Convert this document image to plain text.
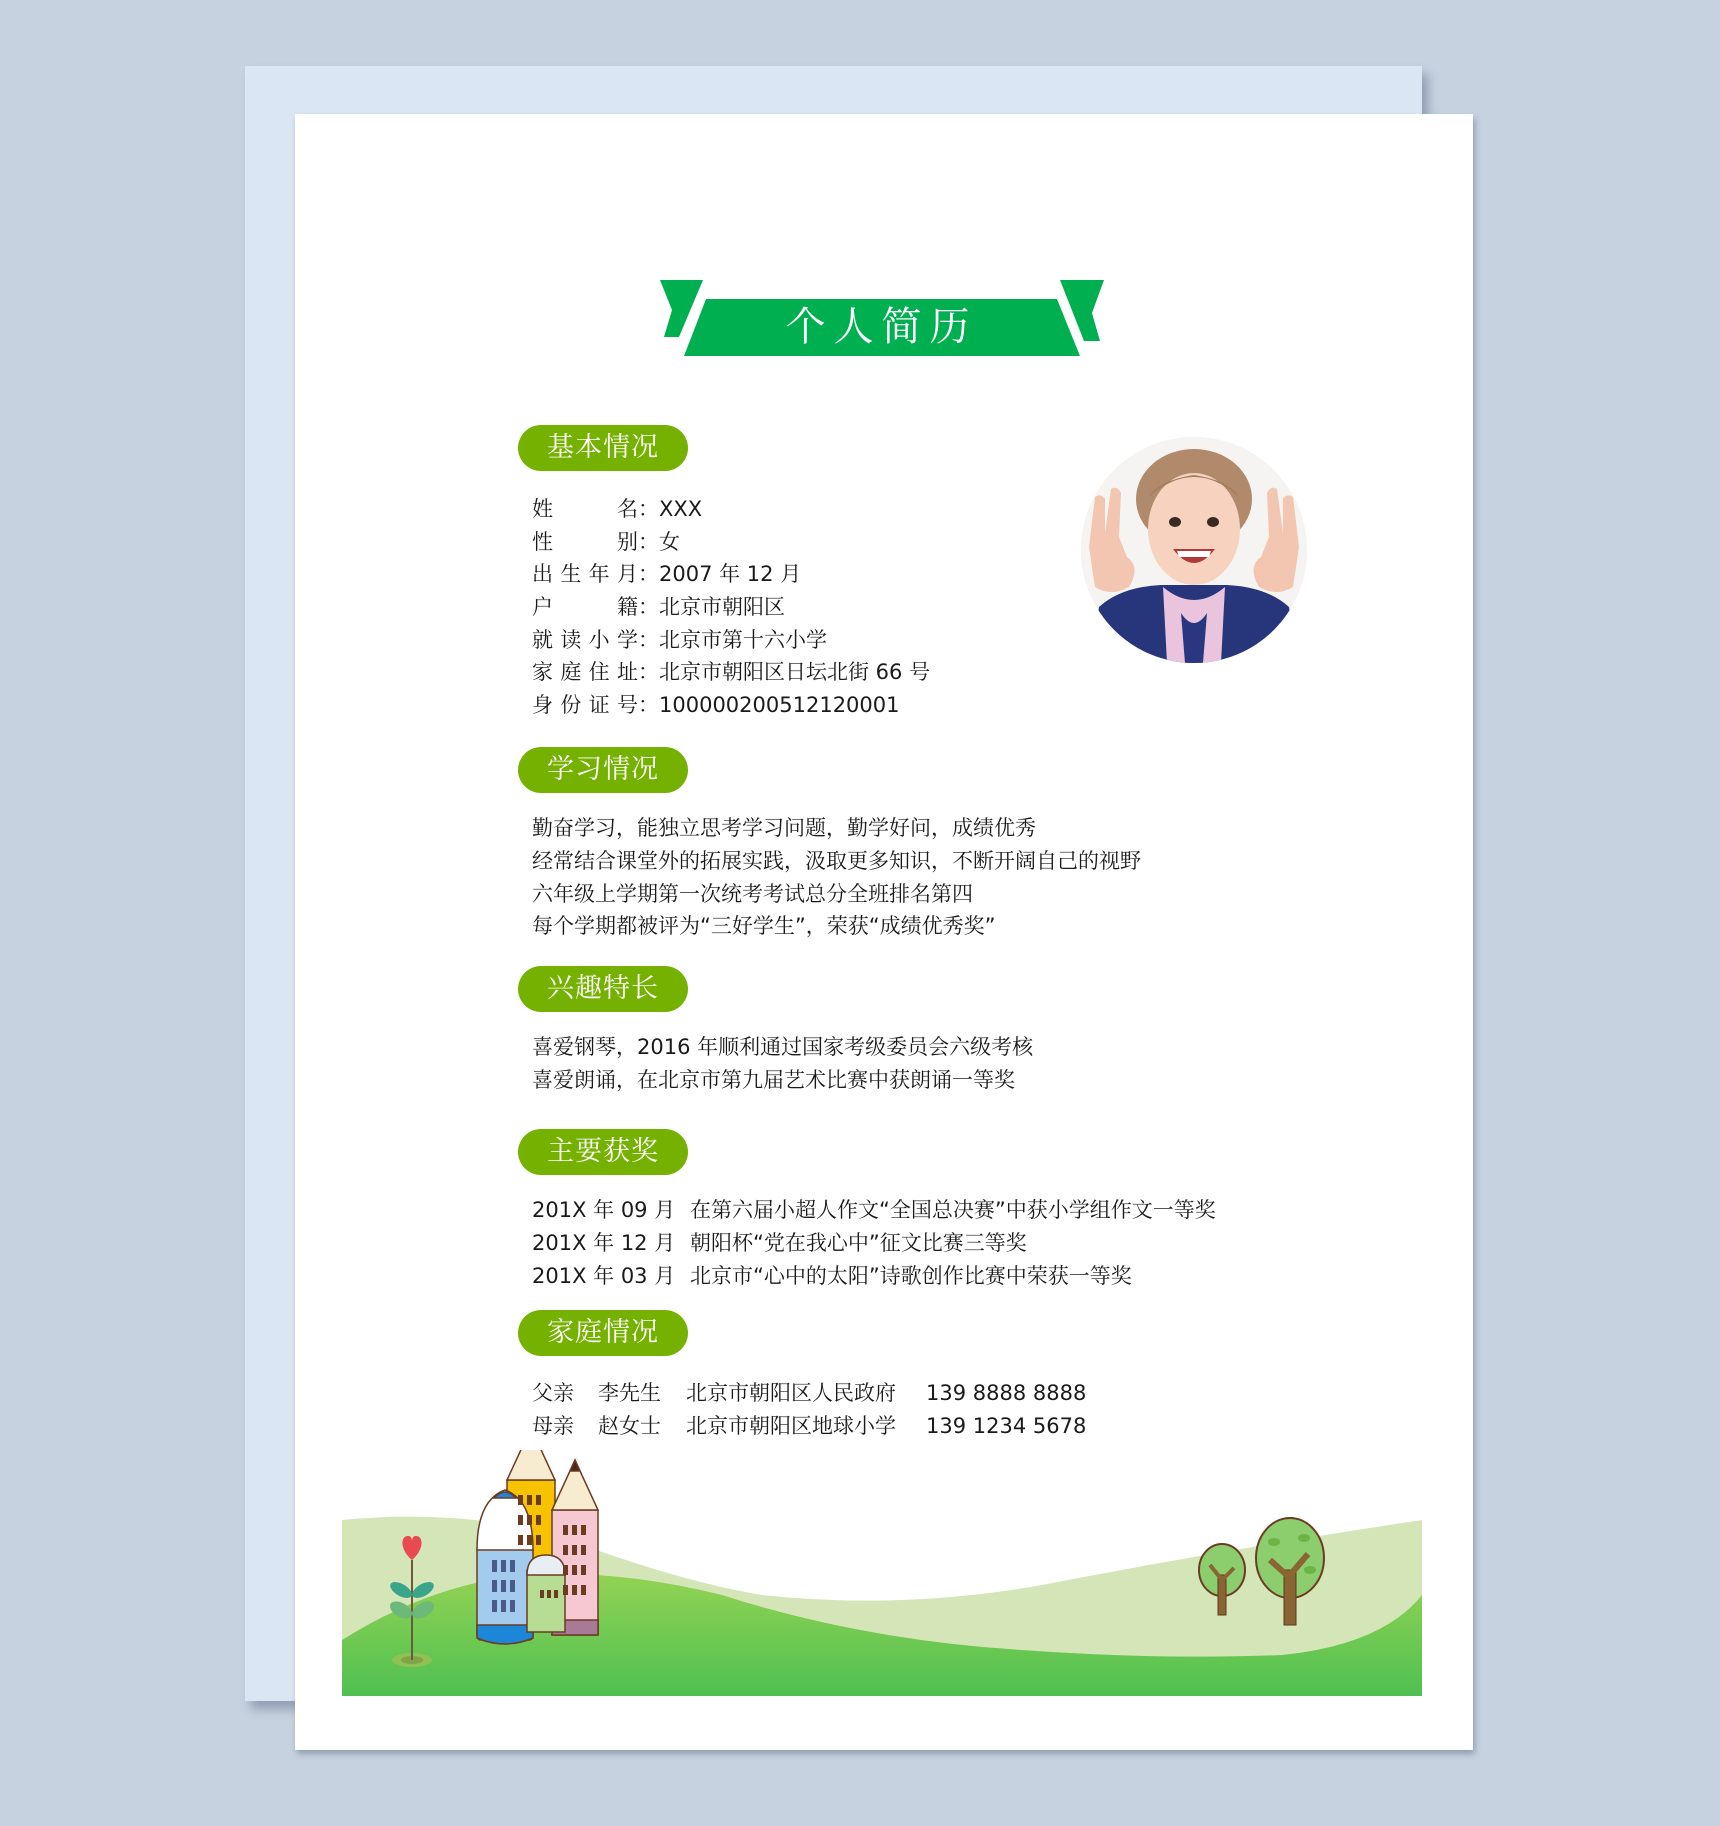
个人简历
基本情况
姓　　名：XXX
性　　别：女
出生年月：2007 年 12 月
户　　籍：北京市朝阳区
就读小学：北京市第十六小学
家庭住址：北京市朝阳区日坛北街 66 号
身份证号：100000200512120001
学习情况
勤奋学习，能独立思考学习问题，勤学好问，成绩优秀
经常结合课堂外的拓展实践，汲取更多知识，不断开阔自己的视野
六年级上学期第一次统考考试总分全班排名第四
每个学期都被评为“三好学生”，荣获“成绩优秀奖”
兴趣特长
喜爱钢琴，2016 年顺利通过国家考级委员会六级考核
喜爱朗诵，在北京市第九届艺术比赛中获朗诵一等奖
主要获奖
201X 年 09 月 在第六届小超人作文“全国总决赛”中获小学组作文一等奖
201X 年 12 月 朝阳杯“党在我心中”征文比赛三等奖
201X 年 03 月 北京市“心中的太阳”诗歌创作比赛中荣获一等奖
家庭情况
父亲 李先生 北京市朝阳区人民政府 139 8888 8888
母亲 赵女士 北京市朝阳区地球小学 139 1234 5678
